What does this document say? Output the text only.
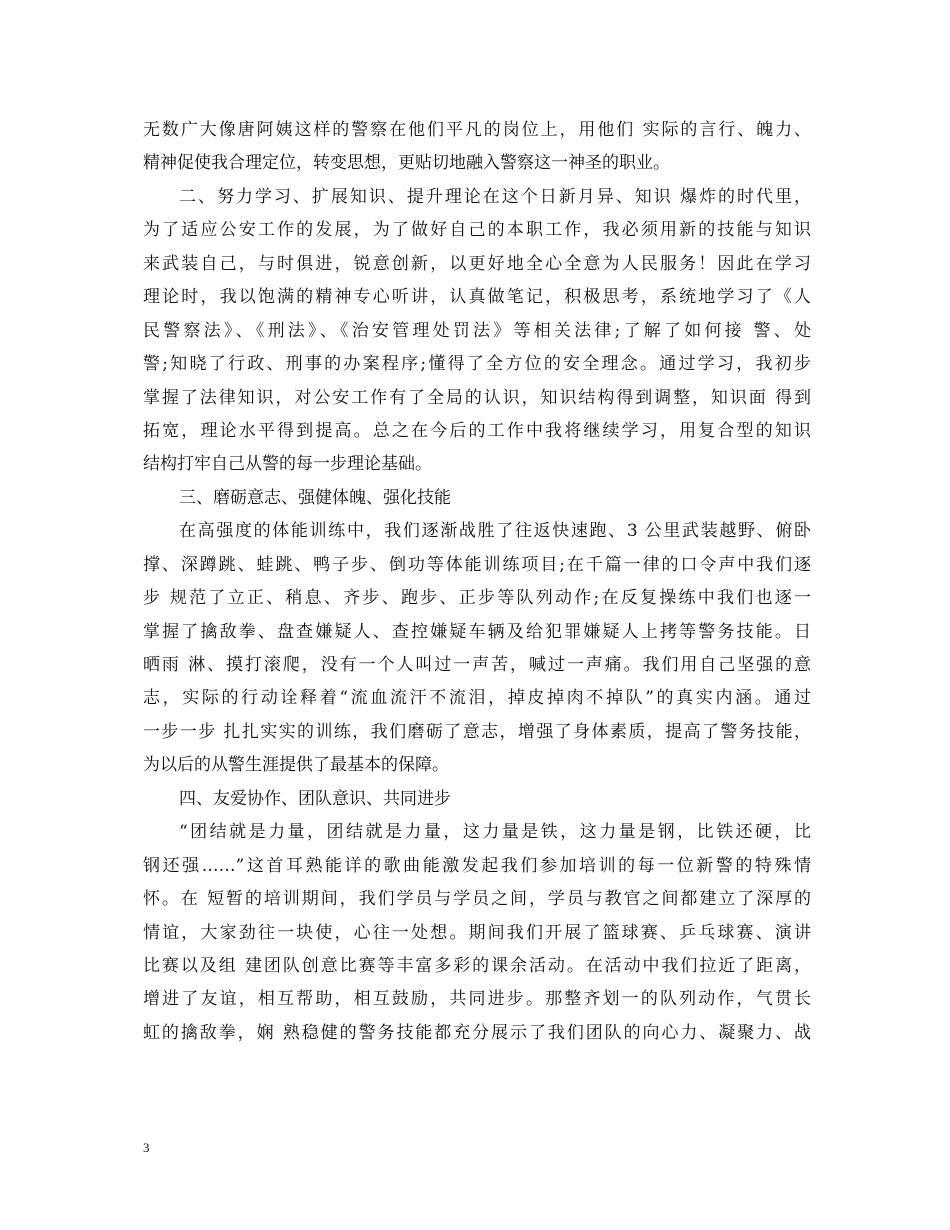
无数广大像唐阿姨这样的警察在他们平凡的岗位上，用他们 实际的言行、魄力、
精神促使我合理定位，转变思想，更贴切地融入警察这一神圣的职业。
二、努力学习、扩展知识、提升理论在这个日新月异、知识 爆炸的时代里，
为了适应公安工作的发展，为了做好自己的本职工作，我必须用新的技能与知识
来武装自己，与时俱进，锐意创新，以更好地全心全意为人民服务！因此在学习
理论时，我以饱满的精神专心听讲，认真做笔记，积极思考，系统地学习了《人
民警察法》、《刑法》、《治安管理处罚法》等相关法律;了解了如何接 警、处
警;知晓了行政、刑事的办案程序;懂得了全方位的安全理念。通过学习，我初步
掌握了法律知识，对公安工作有了全局的认识，知识结构得到调整，知识面 得到
拓宽，理论水平得到提高。总之在今后的工作中我将继续学习，用复合型的知识
结构打牢自己从警的每一步理论基础。
三、磨砺意志、强健体魄、强化技能
在高强度的体能训练中，我们逐渐战胜了往返快速跑、3 公里武装越野、俯卧
撑、深蹲跳、蛙跳、鸭子步、倒功等体能训练项目;在千篇一律的口令声中我们逐
步 规范了立正、稍息、齐步、跑步、正步等队列动作;在反复操练中我们也逐一
掌握了擒敌拳、盘查嫌疑人、查控嫌疑车辆及给犯罪嫌疑人上拷等警务技能。日
晒雨 淋、摸打滚爬，没有一个人叫过一声苦，喊过一声痛。我们用自己坚强的意
志，实际的行动诠释着“流血流汗不流泪，掉皮掉肉不掉队”的真实内涵。通过
一步一步 扎扎实实的训练，我们磨砺了意志，增强了身体素质，提高了警务技能，
为以后的从警生涯提供了最基本的保障。
四、友爱协作、团队意识、共同进步
“团结就是力量，团结就是力量，这力量是铁，这力量是钢，比铁还硬，比
钢还强……”这首耳熟能详的歌曲能激发起我们参加培训的每一位新警的特殊情
怀。在 短暂的培训期间，我们学员与学员之间，学员与教官之间都建立了深厚的
情谊，大家劲往一块使，心往一处想。期间我们开展了篮球赛、乒乓球赛、演讲
比赛以及组 建团队创意比赛等丰富多彩的课余活动。在活动中我们拉近了距离，
增进了友谊，相互帮助，相互鼓励，共同进步。那整齐划一的队列动作，气贯长
虹的擒敌拳，娴 熟稳健的警务技能都充分展示了我们团队的向心力、凝聚力、战
3
